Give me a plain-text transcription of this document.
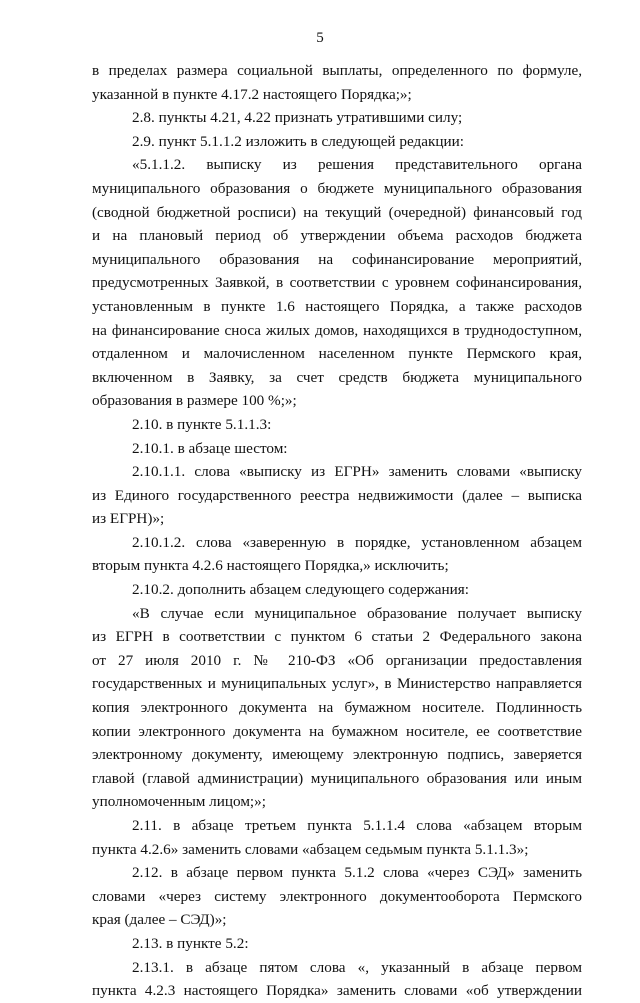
5
в пределах размера социальной выплаты, определенного по формуле,
указанной в пункте 4.17.2 настоящего Порядка;»;
2.8. пункты 4.21, 4.22 признать утратившими силу;
2.9. пункт 5.1.1.2 изложить в следующей редакции:
«5.1.1.2. выписку из решения представительного органа
муниципального образования о бюджете муниципального образования
(сводной бюджетной росписи) на текущий (очередной) финансовый год
и на плановый период об утверждении объема расходов бюджета
муниципального образования на софинансирование мероприятий,
предусмотренных Заявкой, в соответствии с уровнем софинансирования,
установленным в пункте 1.6 настоящего Порядка, а также расходов
на финансирование сноса жилых домов, находящихся в труднодоступном,
отдаленном и малочисленном населенном пункте Пермского края,
включенном в Заявку, за счет средств бюджета муниципального
образования в размере 100 %;»;
2.10. в пункте 5.1.1.3:
2.10.1. в абзаце шестом:
2.10.1.1. слова «выписку из ЕГРН» заменить словами «выписку
из Единого государственного реестра недвижимости (далее – выписка
из ЕГРН)»;
2.10.1.2. слова «заверенную в порядке, установленном абзацем
вторым пункта 4.2.6 настоящего Порядка,» исключить;
2.10.2. дополнить абзацем следующего содержания:
«В случае если муниципальное образование получает выписку
из ЕГРН в соответствии с пунктом 6 статьи 2 Федерального закона
от 27 июля 2010 г. № 210-ФЗ «Об организации предоставления
государственных и муниципальных услуг», в Министерство направляется
копия электронного документа на бумажном носителе. Подлинность
копии электронного документа на бумажном носителе, ее соответствие
электронному документу, имеющему электронную подпись, заверяется
главой (главой администрации) муниципального образования или иным
уполномоченным лицом;»;
2.11. в абзаце третьем пункта 5.1.1.4 слова «абзацем вторым
пункта 4.2.6» заменить словами «абзацем седьмым пункта 5.1.1.3»;
2.12. в абзаце первом пункта 5.1.2 слова «через СЭД» заменить
словами «через систему электронного документооборота Пермского
края (далее – СЭД)»;
2.13. в пункте 5.2:
2.13.1. в абзаце пятом слова «, указанный в абзаце первом
пункта 4.2.3 настоящего Порядка» заменить словами «об утверждении
